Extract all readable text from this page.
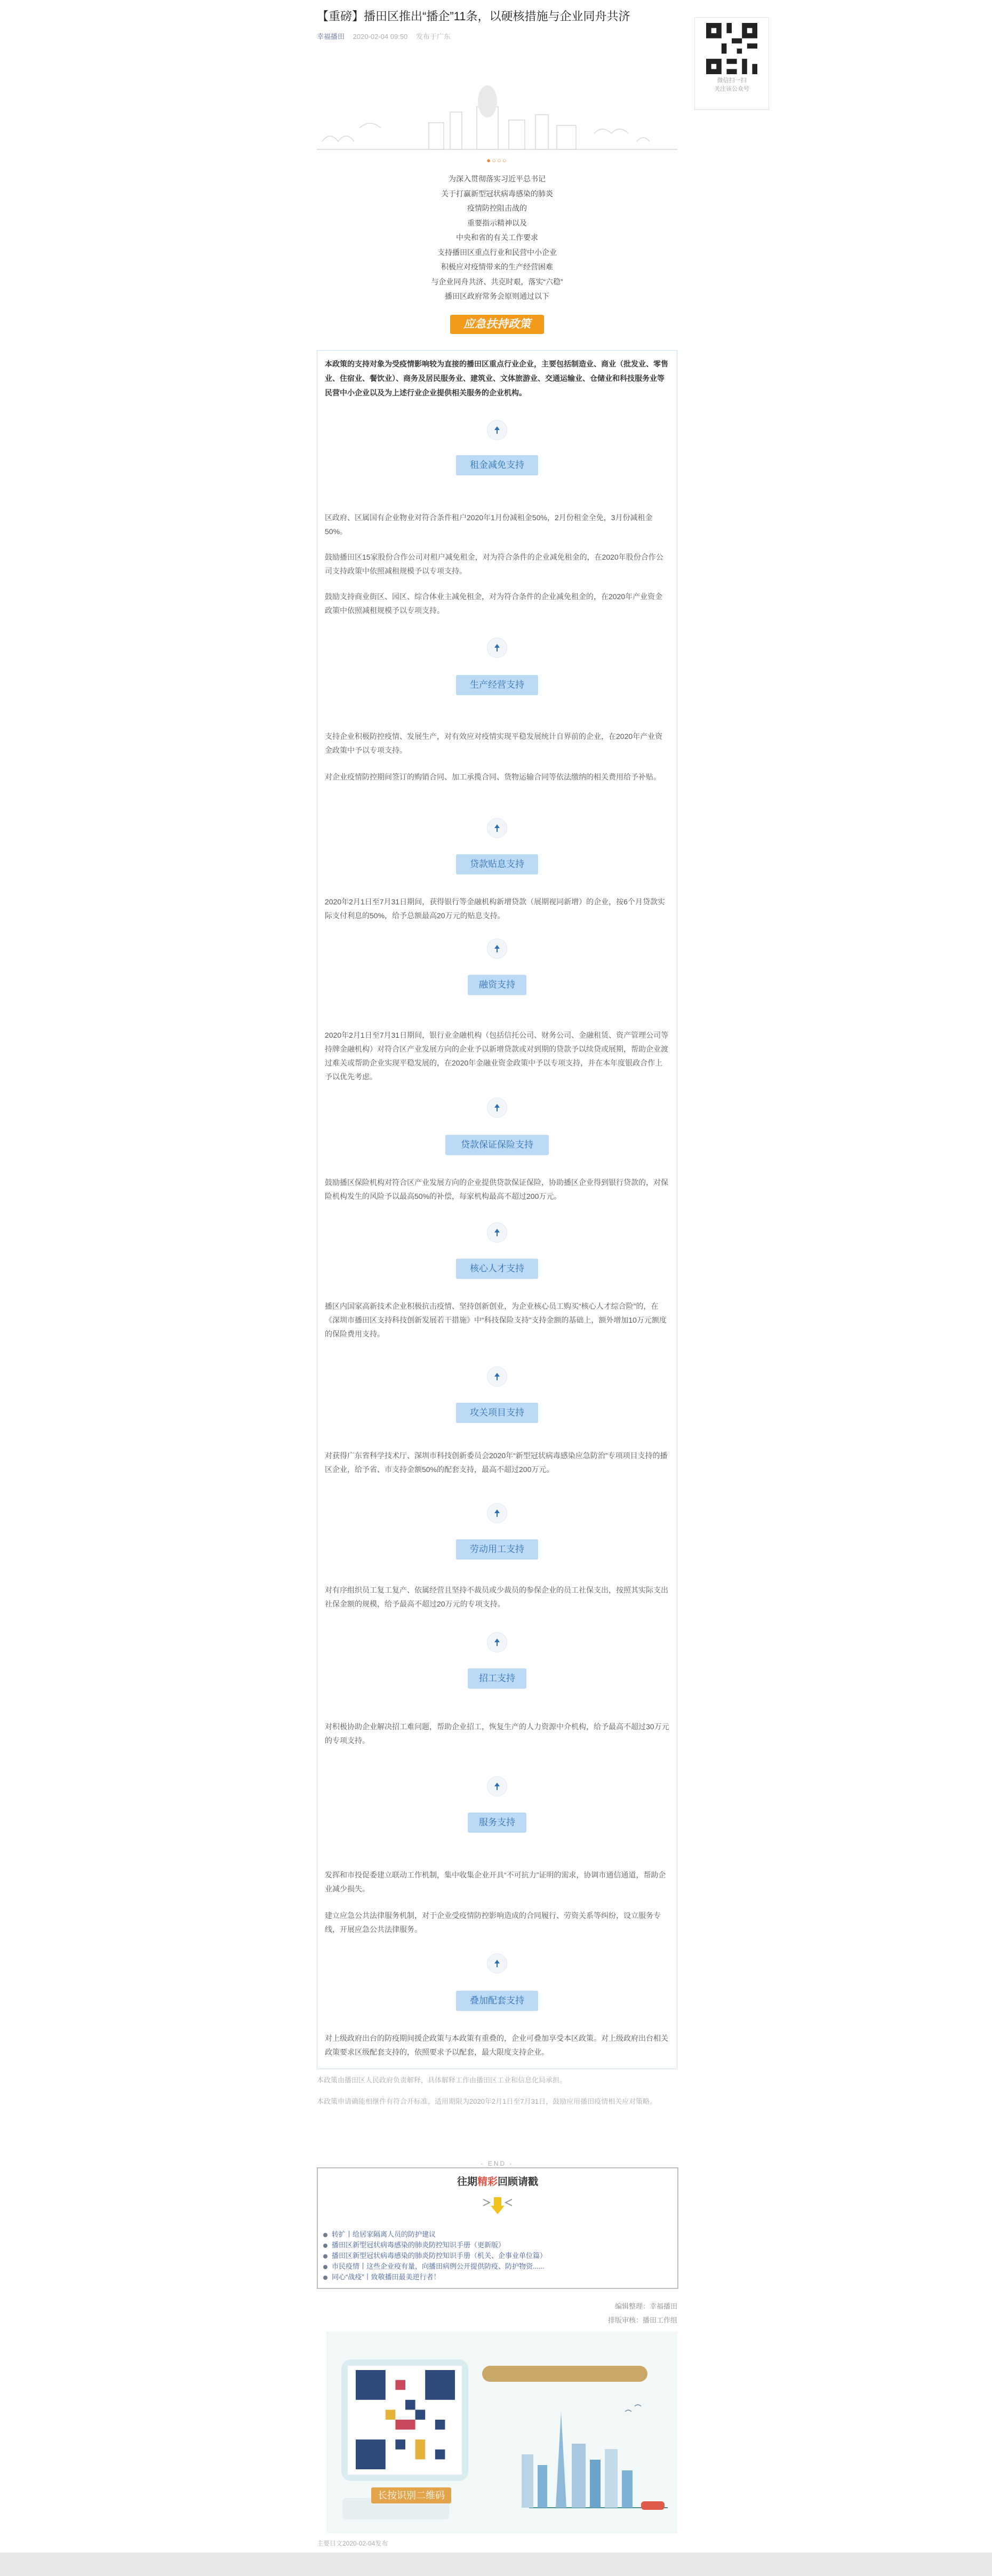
【重磅】播田区推出“播企”11条，以硬核措施与企业同舟共济
幸福播田 2020-02-04 09:50 发布于广东
●○○○
为深入贯彻落实习近平总书记
关于打赢新型冠状病毒感染的肺炎
疫情防控阻击战的
重要指示精神以及
中央和省的有关工作要求
支持播田区重点行业和民营中小企业
积极应对疫情带来的生产经营困难
与企业同舟共济、共克时艰，落实“六稳”
播田区政府常务会原则通过以下
应急扶持政策

本政策的支持对象为受疫情影响较为直接的播田区重点行业企业，主要包括制造业、商业（批发业、零售业、住宿业、餐饮业）、商务及居民服务业、建筑业、文体旅游业、交通运输业、仓储业和科技服务业等民营中小企业以及为上述行业企业提供相关服务的企业机构。

租金减免支持

区政府、区属国有企业物业对符合条件租户2020年1月份减租金50%，2月份租金全免，3月份减租金50%。

鼓励播田区15家股份合作公司对租户减免租金，对为符合条件的企业减免租金的，在2020年股份合作公司支持政策中依照减租规模予以专项支持。

鼓励支持商业街区、园区、综合体业主减免租金，对为符合条件的企业减免租金的，在2020年产业资金政策中依照减租规模予以专项支持。

生产经营支持

支持企业积极防控疫情、发展生产，对有效应对疫情实现平稳发展统计自界前的企业，在2020年产业资金政策中予以专项支持。

对企业疫情防控期间签订的购销合同、加工承揽合同、货物运输合同等依法缴纳的相关费用给予补贴。

贷款贴息支持

2020年2月1日至7月31日期间，获得银行等金融机构新增贷款（展期视同新增）的企业，按6个月贷款实际支付利息的50%，给予总额最高20万元的贴息支持。

融资支持

2020年2月1日至7月31日期间，银行业金融机构（包括信托公司、财务公司、金融租赁、资产管理公司等持牌金融机构）对符合区产业发展方向的企业予以新增贷款或对到期的贷款予以续贷或展期，帮助企业渡过难关或帮助企业实现平稳发展的，在2020年金融业资金政策中予以专项支持，并在本年度银政合作上予以优先考虑。

贷款保证保险支持

鼓励播区保险机构对符合区产业发展方向的企业提供贷款保证保险，协助播区企业得到银行贷款的，对保险机构发生的风险予以最高50%的补偿，每家机构最高不超过200万元。

核心人才支持

播区内国家高新技术企业积极抗击疫情、坚持创新创业，为企业核心员工购买“核心人才综合险”的，在《深圳市播田区支持科技创新发展若干措施》中“科技保险支持”支持金额的基础上，额外增加10万元额度的保险费用支持。

攻关项目支持

对获得广东省科学技术厅、深圳市科技创新委员会2020年“新型冠状病毒感染应急防治”专项项目支持的播区企业，给予省、市支持金额50%的配套支持，最高不超过200万元。

劳动用工支持

对有序组织员工复工复产、依属经营且坚持不裁员或少裁员的参保企业的员工社保支出，按照其实际支出社保金额的规模，给予最高不超过20万元的专项支持。

招工支持

对积极协助企业解决招工难问题，帮助企业招工，恢复生产的人力资源中介机构，给予最高不超过30万元的专项支持。

服务支持

发挥和市投促委建立联动工作机制，集中收集企业开具“不可抗力”证明的需求，协调市通信通道，帮助企业减少损失。

建立应急公共法律服务机制，对于企业受疫情防控影响造成的合同履行、劳资关系等纠纷，设立服务专线，开展应急公共法律服务。

叠加配套支持

对上级政府出台的防疫期间援企政策与本政策有重叠的，企业可叠加享受本区政策。对上级政府出台相关政策要求区级配套支持的，依照要求予以配套，最大限度支持企业。

本政策由播田区人民政府负责解释，具体解释工作由播田区工业和信息化局承担。

本政策申请确能相继件有符合开标准，适用期限为2020年2月1日至7月31日，鼓励应用播田疫情相关应对策略。

- END -
往期精彩回顾请戳
转扩丨给居家隔离人员的防护建议
播田区新型冠状病毒感染的肺炎防控知识手册（更新版）
播田区新型冠状病毒感染的肺炎防控知识手册（机关、企事业单位篇）
市民疫情丨这些企业疫有量，向播田病例公开提供防疫、防护物资......
同心“战疫”丨致敬播田最美逆行者！
编辑整理：幸福播田
排版审核：播田工作组
长按识别二维码
主要日文2020-02-04发布
微信扫一扫
关注该公众号
